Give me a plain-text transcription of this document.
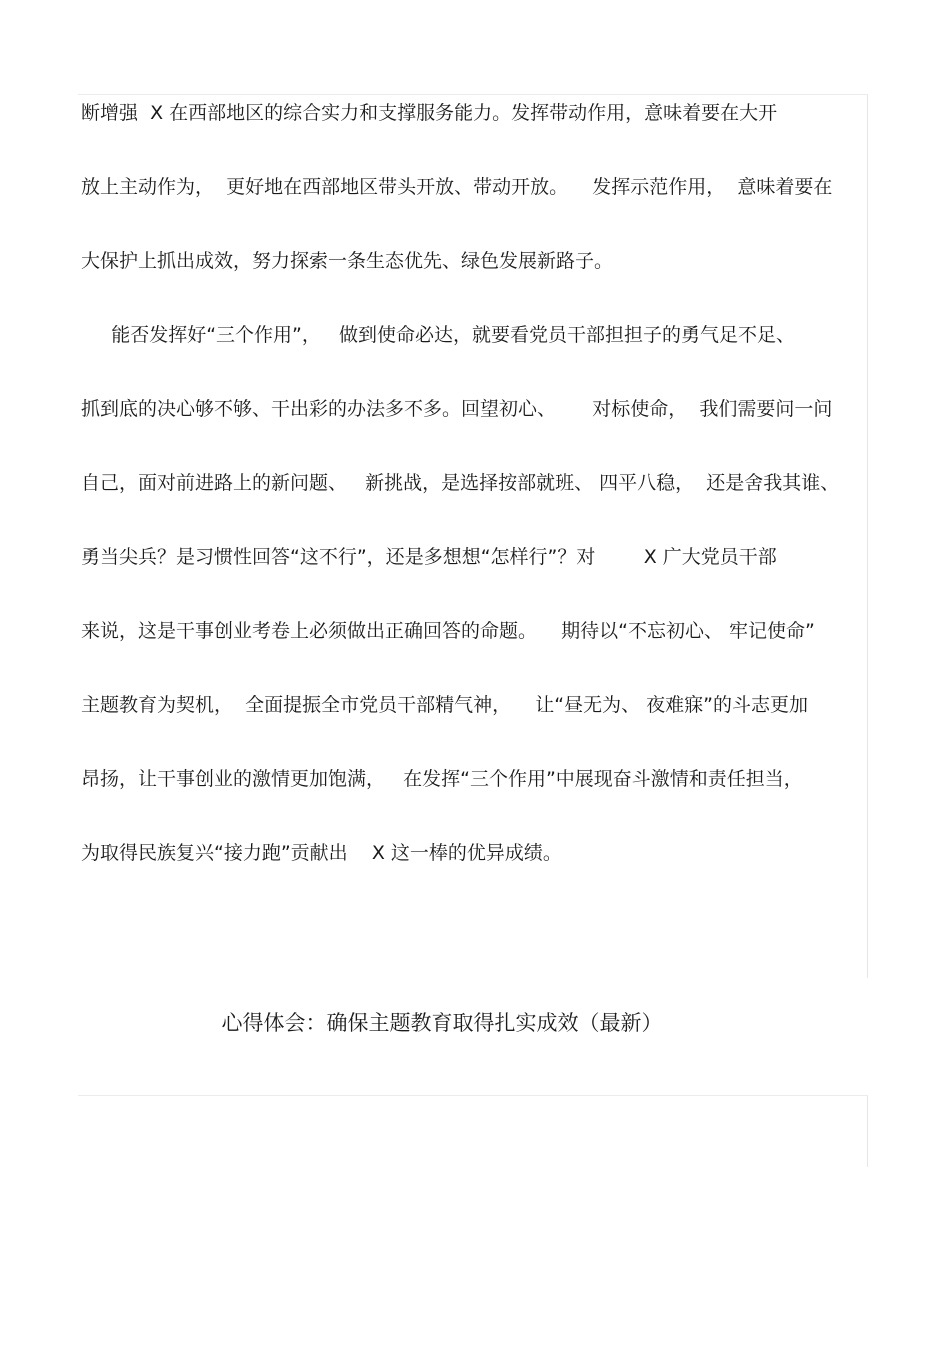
断增强  X 在西部地区的综合实力和支撑服务能力。发挥带动作用，意味着要在大开
放上主动作为，  更好地在西部地区带头开放、带动开放。    发挥示范作用，  意味着要在
大保护上抓出成效，努力探索一条生态优先、绿色发展新路子。
能否发挥好“三个作用”，   做到使命必达，就要看党员干部担担子的勇气足不足、
抓到底的决心够不够、干出彩的办法多不多。回望初心、      对标使命，  我们需要问一问
自己，面对前进路上的新问题、   新挑战，是选择按部就班、 四平八稳，  还是舍我其谁、
勇当尖兵？是习惯性回答“这不行”，还是多想想“怎样行”？对        X 广大党员干部
来说，这是干事创业考卷上必须做出正确回答的命题。    期待以“不忘初心、 牢记使命”
主题教育为契机，  全面提振全市党员干部精气神，    让“昼无为、 夜难寐”的斗志更加
昂扬，让干事创业的激情更加饱满，   在发挥“三个作用”中展现奋斗激情和责任担当，
为取得民族复兴“接力跑”贡献出    X 这一棒的优异成绩。
心得体会：确保主题教育取得扎实成效（最新）
